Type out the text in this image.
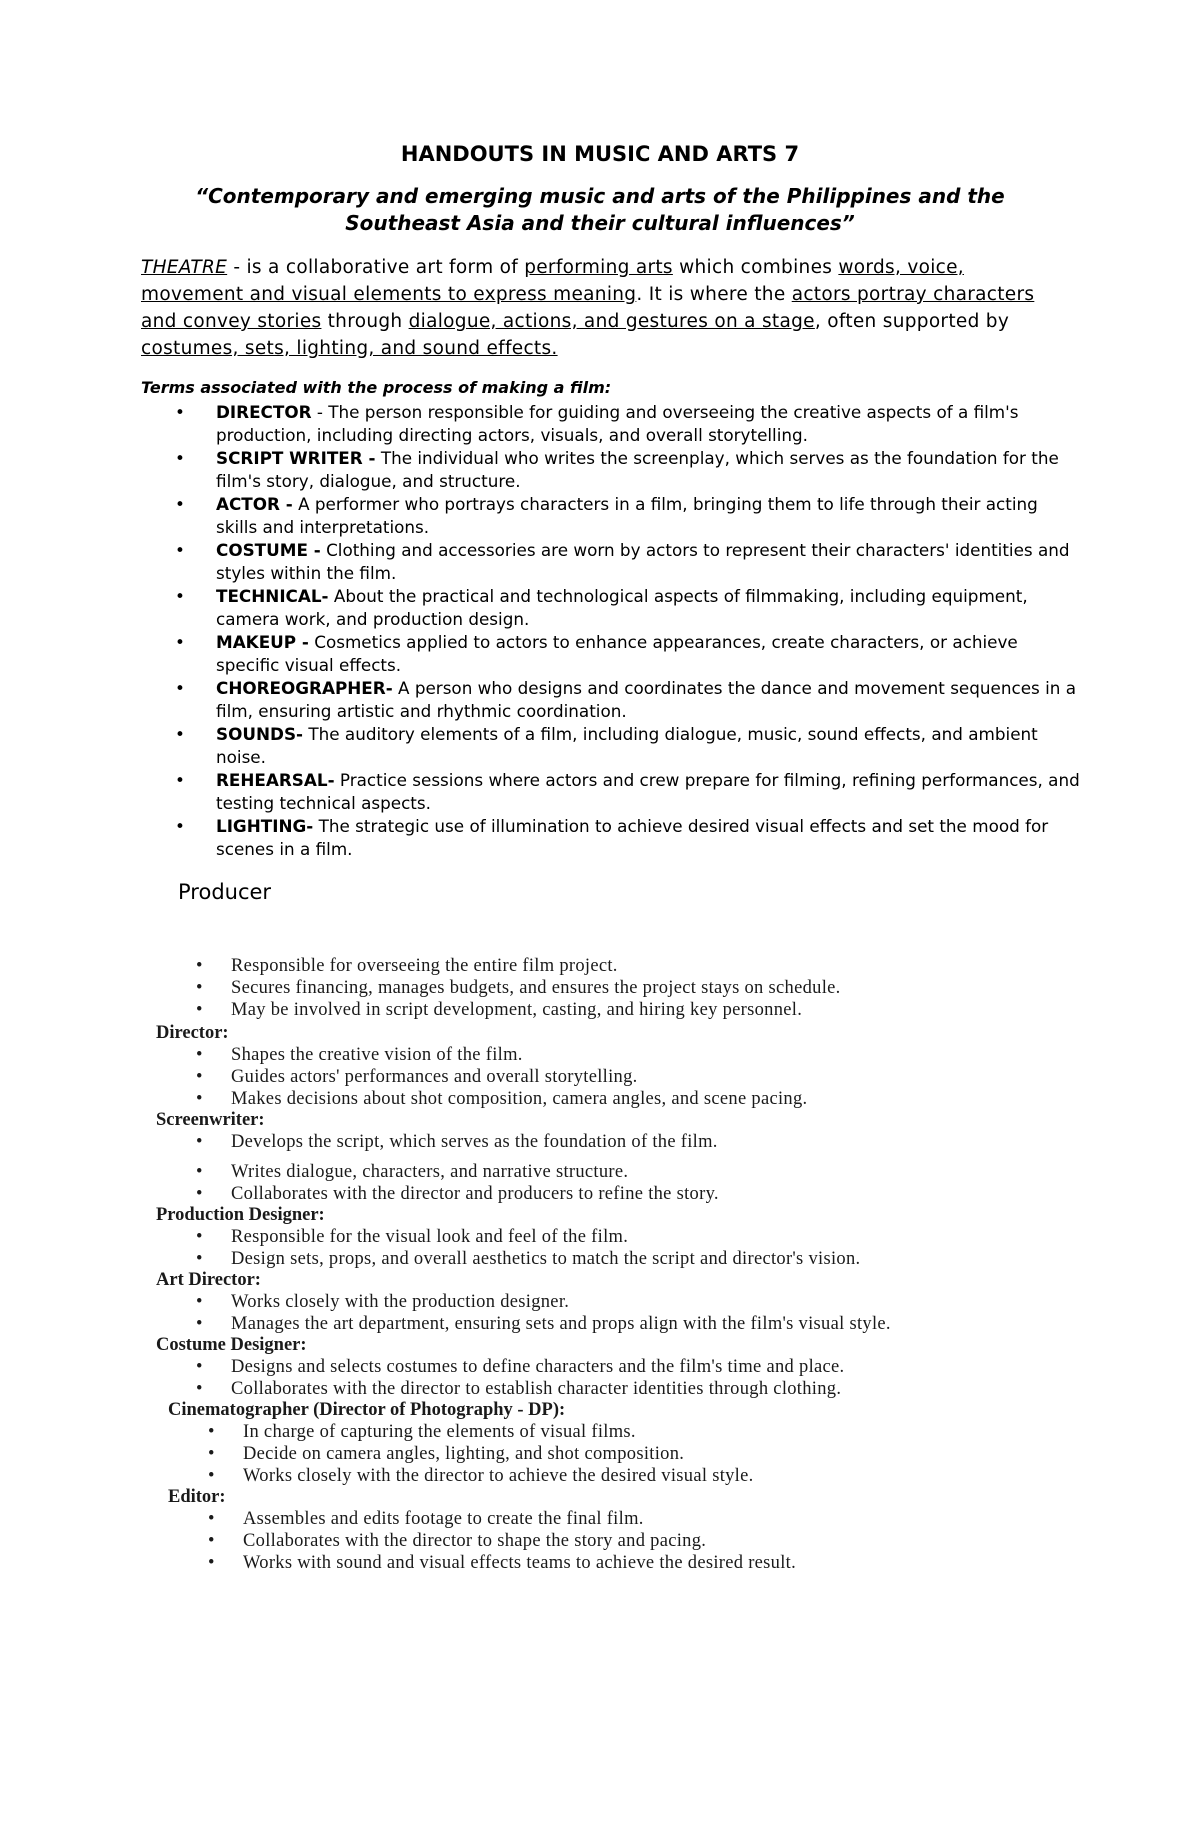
HANDOUTS IN MUSIC AND ARTS 7
“Contemporary and emerging music and arts of the Philippines and the
Southeast Asia and their cultural influences”
THEATRE - is a collaborative art form of performing arts which combines words, voice, movement and visual elements to express meaning. It is where the actors portray characters and convey stories through dialogue, actions, and gestures on a stage, often supported by costumes, sets, lighting, and sound effects.
Terms associated with the process of making a film:
• DIRECTOR - The person responsible for guiding and overseeing the creative aspects of a film's production, including directing actors, visuals, and overall storytelling.
• SCRIPT WRITER - The individual who writes the screenplay, which serves as the foundation for the film's story, dialogue, and structure.
• ACTOR - A performer who portrays characters in a film, bringing them to life through their acting skills and interpretations.
• COSTUME - Clothing and accessories are worn by actors to represent their characters' identities and styles within the film.
• TECHNICAL- About the practical and technological aspects of filmmaking, including equipment, camera work, and production design.
• MAKEUP - Cosmetics applied to actors to enhance appearances, create characters, or achieve specific visual effects.
• CHOREOGRAPHER- A person who designs and coordinates the dance and movement sequences in a film, ensuring artistic and rhythmic coordination.
• SOUNDS- The auditory elements of a film, including dialogue, music, sound effects, and ambient noise.
• REHEARSAL- Practice sessions where actors and crew prepare for filming, refining performances, and testing technical aspects.
• LIGHTING- The strategic use of illumination to achieve desired visual effects and set the mood for scenes in a film.
Producer
• Responsible for overseeing the entire film project.
• Secures financing, manages budgets, and ensures the project stays on schedule.
• May be involved in script development, casting, and hiring key personnel.
Director:
• Shapes the creative vision of the film.
• Guides actors' performances and overall storytelling.
• Makes decisions about shot composition, camera angles, and scene pacing.
Screenwriter:
• Develops the script, which serves as the foundation of the film.
• Writes dialogue, characters, and narrative structure.
• Collaborates with the director and producers to refine the story.
Production Designer:
• Responsible for the visual look and feel of the film.
• Design sets, props, and overall aesthetics to match the script and director's vision.
Art Director:
• Works closely with the production designer.
• Manages the art department, ensuring sets and props align with the film's visual style.
Costume Designer:
• Designs and selects costumes to define characters and the film's time and place.
• Collaborates with the director to establish character identities through clothing.
Cinematographer (Director of Photography - DP):
• In charge of capturing the elements of visual films.
• Decide on camera angles, lighting, and shot composition.
• Works closely with the director to achieve the desired visual style.
Editor:
• Assembles and edits footage to create the final film.
• Collaborates with the director to shape the story and pacing.
• Works with sound and visual effects teams to achieve the desired result.
